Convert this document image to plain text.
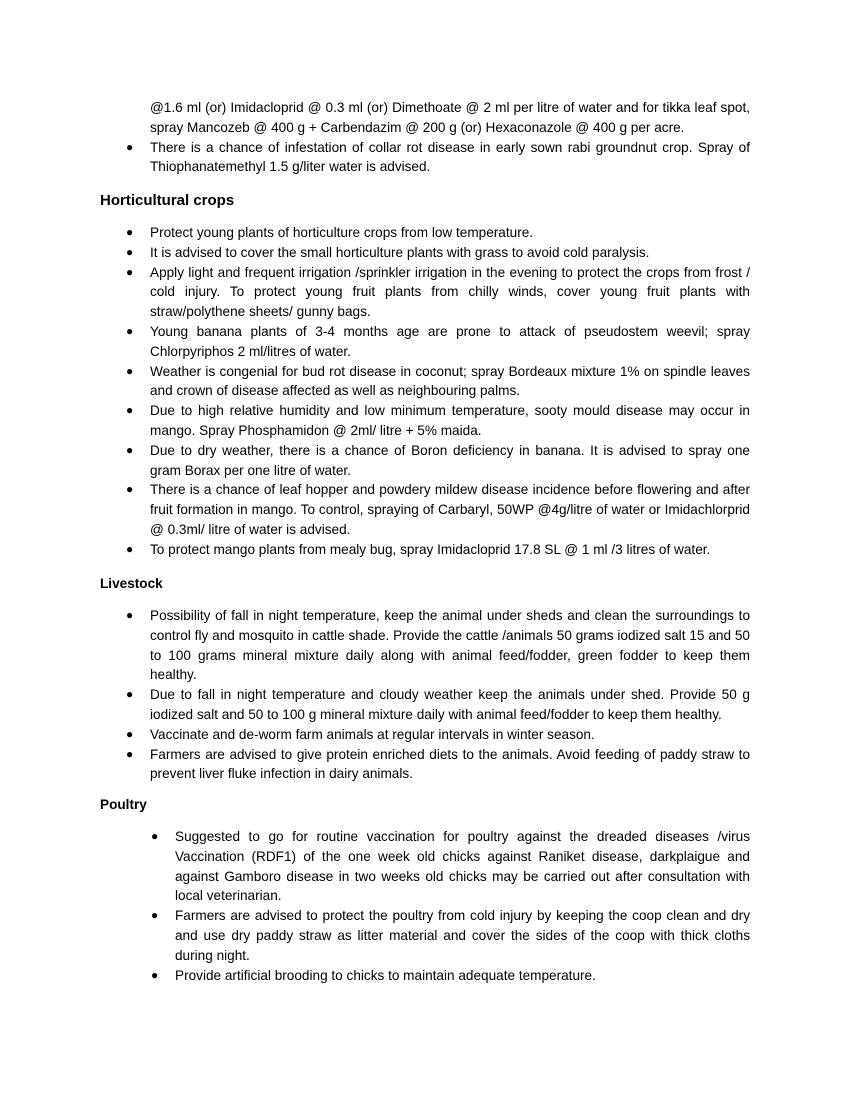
@1.6 ml (or) Imidacloprid @ 0.3 ml (or) Dimethoate @ 2 ml per litre of water and for tikka leaf spot, spray Mancozeb @ 400 g + Carbendazim @ 200 g (or) Hexaconazole @ 400 g per acre.
● There is a chance of infestation of collar rot disease in early sown rabi groundnut crop. Spray of Thiophanatemethyl 1.5 g/liter water is advised.
Horticultural crops
● Protect young plants of horticulture crops from low temperature.
● It is advised to cover the small horticulture plants with grass to avoid cold paralysis.
● Apply light and frequent irrigation /sprinkler irrigation in the evening to protect the crops from frost / cold injury. To protect young fruit plants from chilly winds, cover young fruit plants with straw/polythene sheets/ gunny bags.
● Young banana plants of 3-4 months age are prone to attack of pseudostem weevil; spray Chlorpyriphos 2 ml/litres of water.
● Weather is congenial for bud rot disease in coconut; spray Bordeaux mixture 1% on spindle leaves and crown of disease affected as well as neighbouring palms.
● Due to high relative humidity and low minimum temperature, sooty mould disease may occur in mango. Spray Phosphamidon @ 2ml/ litre + 5% maida.
● Due to dry weather, there is a chance of Boron deficiency in banana. It is advised to spray one gram Borax per one litre of water.
● There is a chance of leaf hopper and powdery mildew disease incidence before flowering and after fruit formation in mango. To control, spraying of Carbaryl, 50WP @4g/litre of water or Imidachlorprid @ 0.3ml/ litre of water is advised.
● To protect mango plants from mealy bug, spray Imidacloprid 17.8 SL @ 1 ml /3 litres of water.
Livestock
● Possibility of fall in night temperature, keep the animal under sheds and clean the surroundings to control fly and mosquito in cattle shade. Provide the cattle /animals 50 grams iodized salt 15 and 50 to 100 grams mineral mixture daily along with animal feed/fodder, green fodder to keep them healthy.
● Due to fall in night temperature and cloudy weather keep the animals under shed. Provide 50 g iodized salt and 50 to 100 g mineral mixture daily with animal feed/fodder to keep them healthy.
● Vaccinate and de-worm farm animals at regular intervals in winter season.
● Farmers are advised to give protein enriched diets to the animals. Avoid feeding of paddy straw to prevent liver fluke infection in dairy animals.
Poultry
● Suggested to go for routine vaccination for poultry against the dreaded diseases /virus Vaccination (RDF1) of the one week old chicks against Raniket disease, darkplaigue and against Gamboro disease in two weeks old chicks may be carried out after consultation with local veterinarian.
● Farmers are advised to protect the poultry from cold injury by keeping the coop clean and dry and use dry paddy straw as litter material and cover the sides of the coop with thick cloths during night.
● Provide artificial brooding to chicks to maintain adequate temperature.
